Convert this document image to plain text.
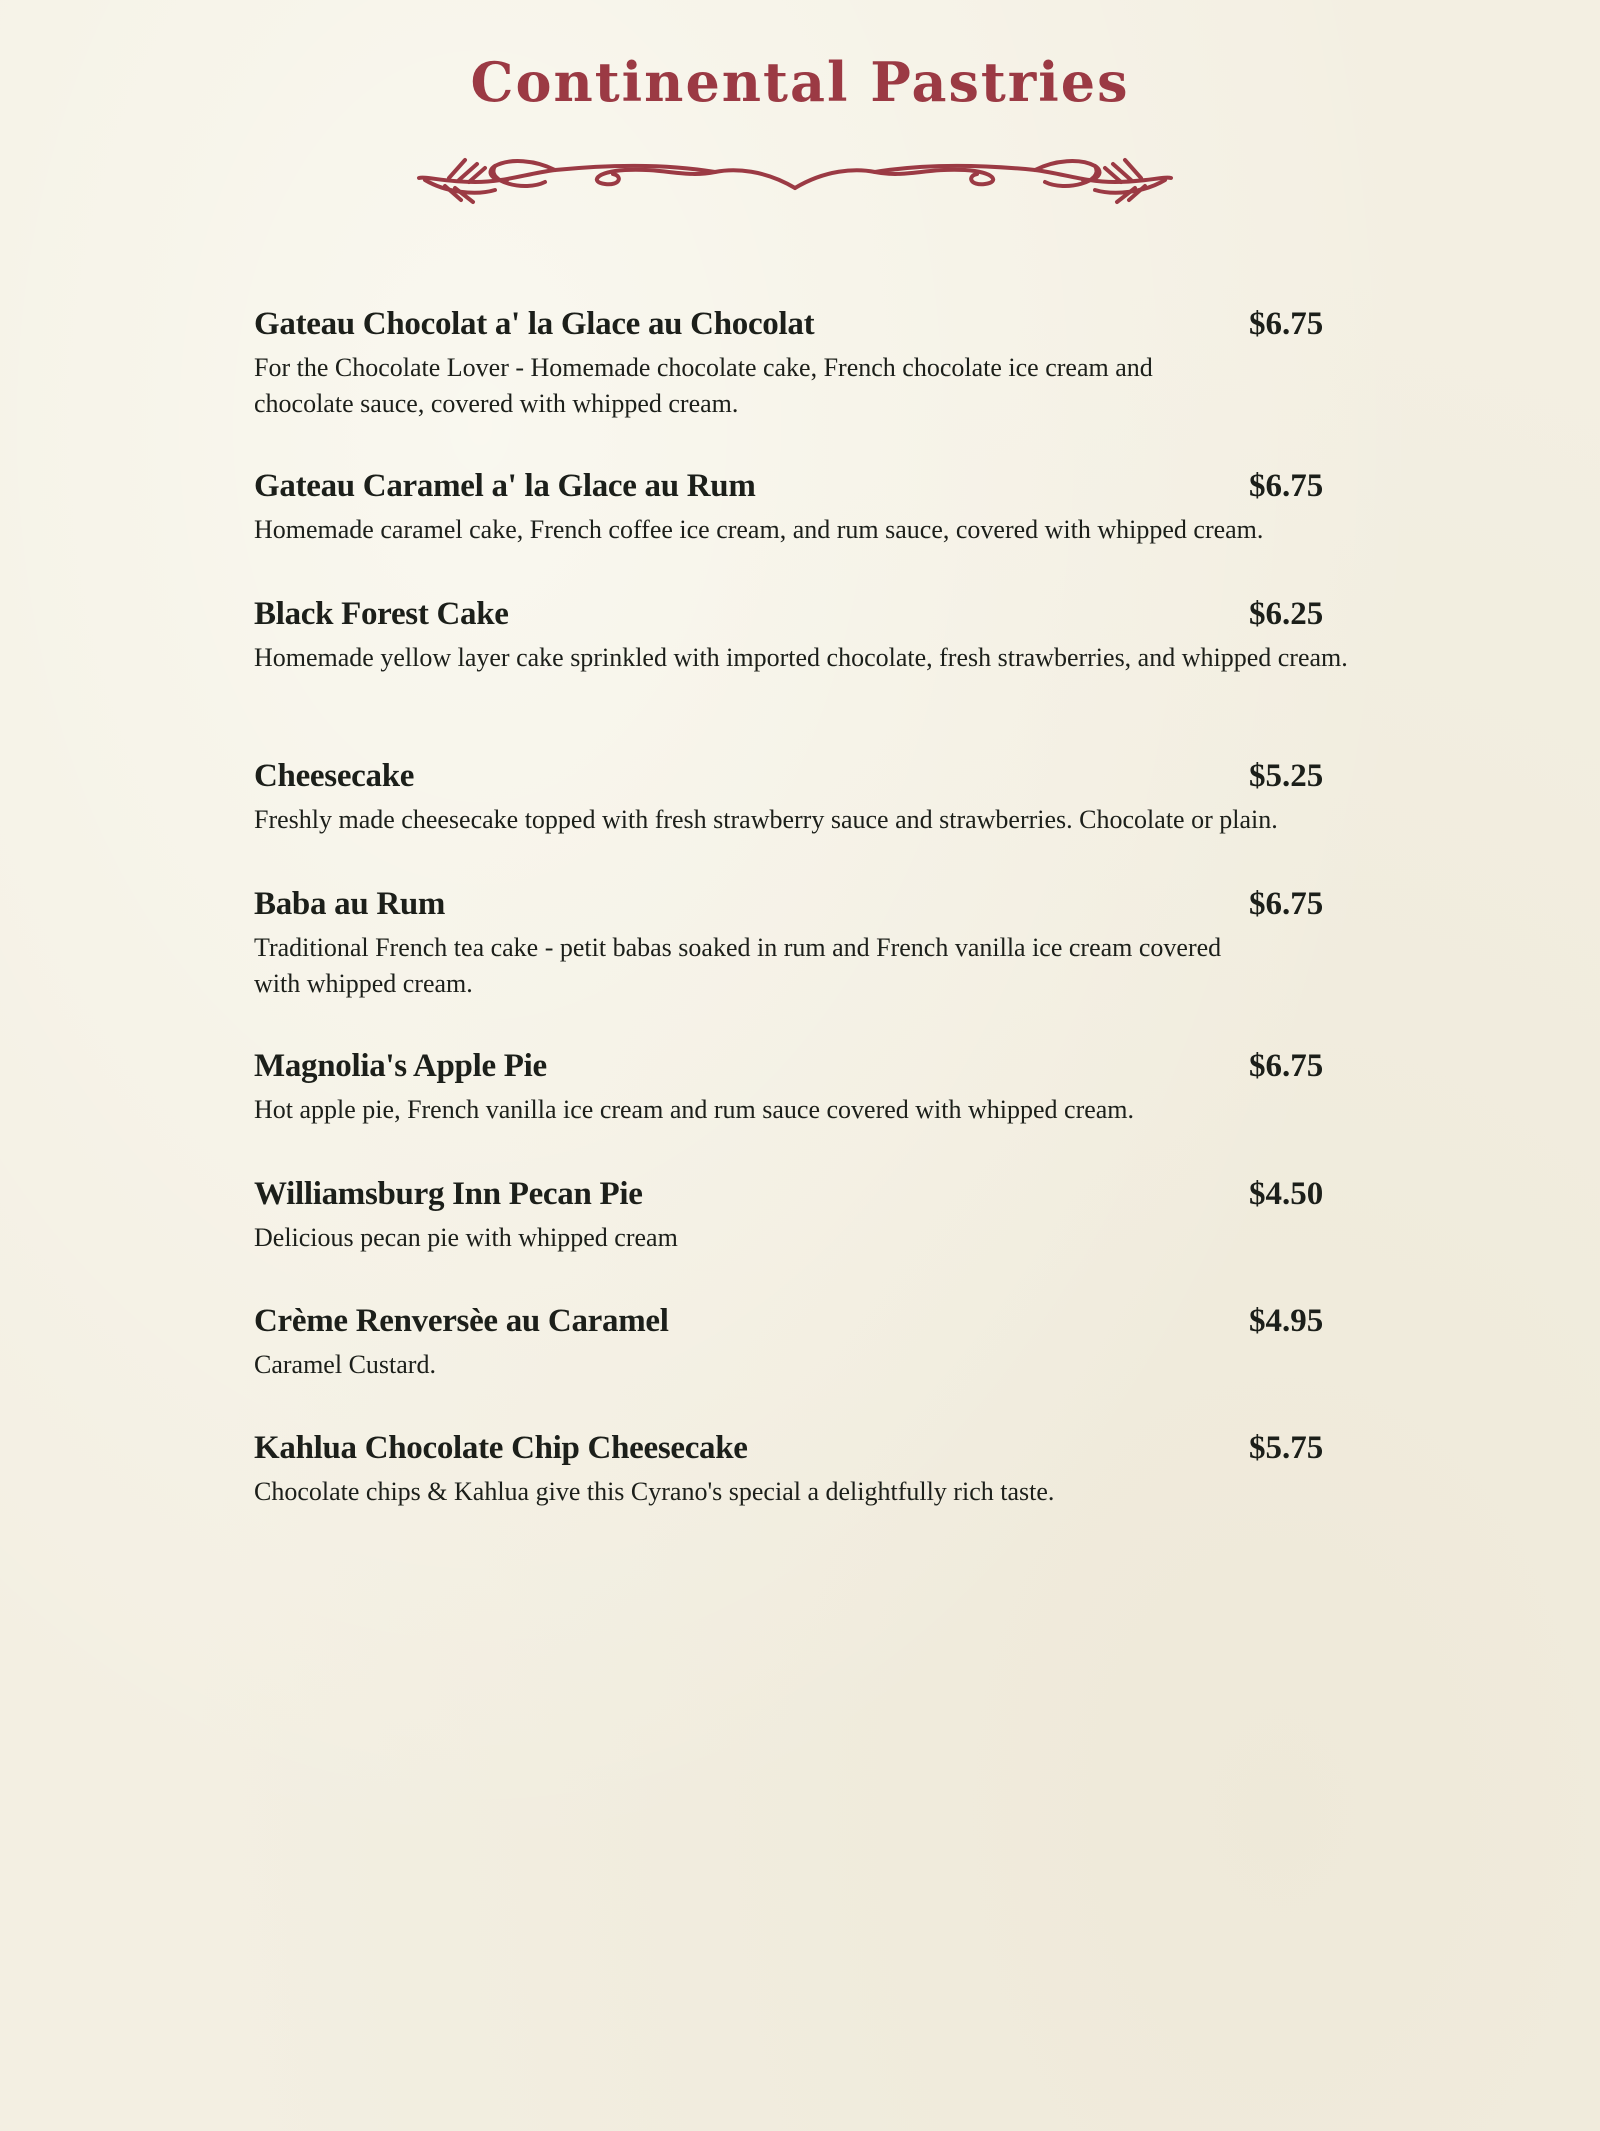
Continental Pastries
Gateau Chocolat a' la Glace au Chocolat	$6.75
For the Chocolate Lover - Homemade chocolate cake, French chocolate ice cream and chocolate sauce, covered with whipped cream.
Gateau Caramel a' la Glace au Rum	$6.75
Homemade caramel cake, French coffee ice cream, and rum sauce, covered with whipped cream.
Black Forest Cake	$6.25
Homemade yellow layer cake sprinkled with imported chocolate, fresh strawberries, and whipped cream.
Cheesecake	$5.25
Freshly made cheesecake topped with fresh strawberry sauce and strawberries. Chocolate or plain.
Baba au Rum	$6.75
Traditional French tea cake - petit babas soaked in rum and French vanilla ice cream covered with whipped cream.
Magnolia's Apple Pie	$6.75
Hot apple pie, French vanilla ice cream and rum sauce covered with whipped cream.
Williamsburg Inn Pecan Pie	$4.50
Delicious pecan pie with whipped cream
Crème Renversèe au Caramel	$4.95
Caramel Custard.
Kahlua Chocolate Chip Cheesecake	$5.75
Chocolate chips & Kahlua give this Cyrano's special a delightfully rich taste.
